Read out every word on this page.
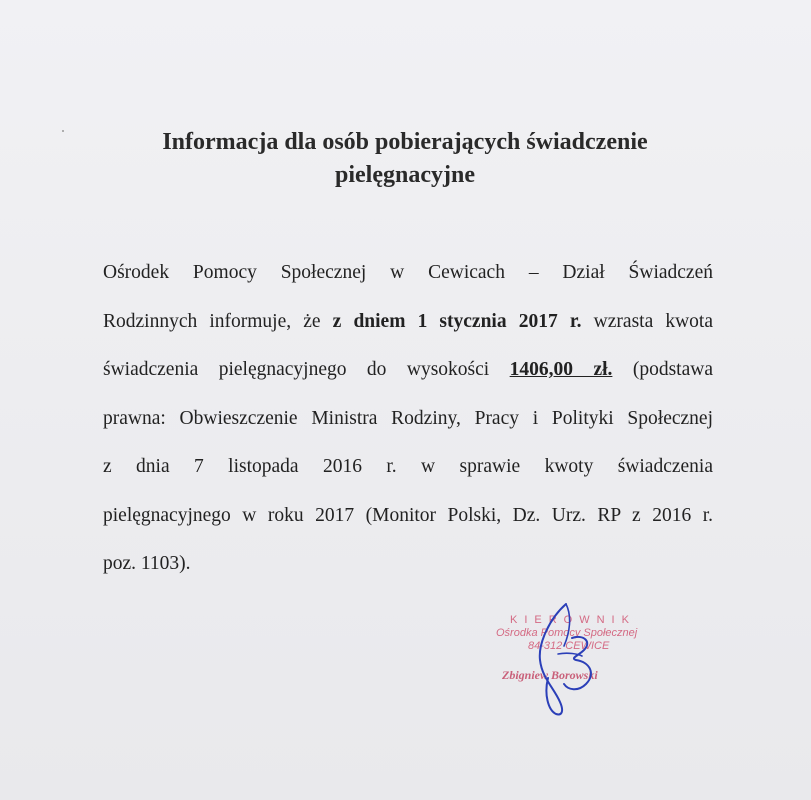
Informacja dla osób pobierających świadczenie
pielęgnacyjne
Ośrodek Pomocy Społecznej w Cewicach – Dział Świadczeń
Rodzinnych informuje, że z dniem 1 stycznia 2017 r. wzrasta kwota
świadczenia pielęgnacyjnego do wysokości 1406,00 zł. (podstawa
prawna: Obwieszczenie Ministra Rodziny, Pracy i Polityki Społecznej
z dnia 7 listopada 2016 r. w sprawie kwoty świadczenia
pielęgnacyjnego w roku 2017 (Monitor Polski, Dz. Urz. RP z 2016 r.
poz. 1103).
KIEROWNIK
Ośrodka Pomocy Społecznej
84-312 CEWICE
Zbigniew Borowski
